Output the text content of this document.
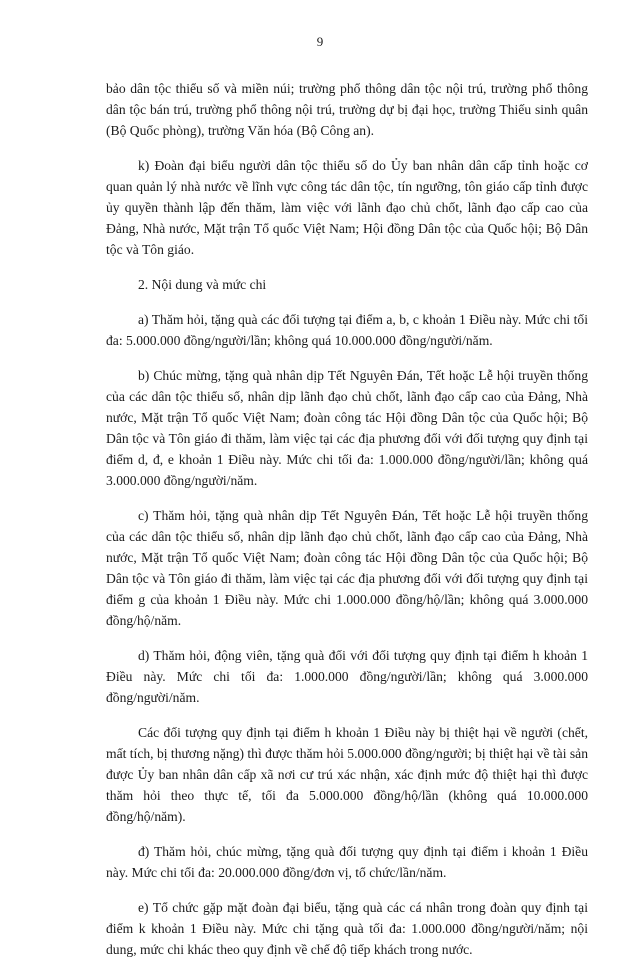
9

bảo dân tộc thiểu số và miền núi; trường phổ thông dân tộc nội trú, trường phổ thông dân tộc bán trú, trường phổ thông nội trú, trường dự bị đại học, trường Thiếu sinh quân (Bộ Quốc phòng), trường Văn hóa (Bộ Công an).

k) Đoàn đại biểu người dân tộc thiểu số do Ủy ban nhân dân cấp tỉnh hoặc cơ quan quản lý nhà nước về lĩnh vực công tác dân tộc, tín ngưỡng, tôn giáo cấp tỉnh được ủy quyền thành lập đến thăm, làm việc với lãnh đạo chủ chốt, lãnh đạo cấp cao của Đảng, Nhà nước, Mặt trận Tổ quốc Việt Nam; Hội đồng Dân tộc của Quốc hội; Bộ Dân tộc và Tôn giáo.

2. Nội dung và mức chi

a) Thăm hỏi, tặng quà các đối tượng tại điểm a, b, c khoản 1 Điều này. Mức chi tối đa: 5.000.000 đồng/người/lần; không quá 10.000.000 đồng/người/năm.

b) Chúc mừng, tặng quà nhân dịp Tết Nguyên Đán, Tết hoặc Lễ hội truyền thống của các dân tộc thiểu số, nhân dịp lãnh đạo chủ chốt, lãnh đạo cấp cao của Đảng, Nhà nước, Mặt trận Tổ quốc Việt Nam; đoàn công tác Hội đồng Dân tộc của Quốc hội; Bộ Dân tộc và Tôn giáo đi thăm, làm việc tại các địa phương đối với đối tượng quy định tại điểm d, đ, e khoản 1 Điều này. Mức chi tối đa: 1.000.000 đồng/người/lần; không quá 3.000.000 đồng/người/năm.

c) Thăm hỏi, tặng quà nhân dịp Tết Nguyên Đán, Tết hoặc Lễ hội truyền thống của các dân tộc thiểu số, nhân dịp lãnh đạo chủ chốt, lãnh đạo cấp cao của Đảng, Nhà nước, Mặt trận Tổ quốc Việt Nam; đoàn công tác Hội đồng Dân tộc của Quốc hội; Bộ Dân tộc và Tôn giáo đi thăm, làm việc tại các địa phương đối với đối tượng quy định tại điểm g của khoản 1 Điều này. Mức chi 1.000.000 đồng/hộ/lần; không quá 3.000.000 đồng/hộ/năm.

d) Thăm hỏi, động viên, tặng quà đối với đối tượng quy định tại điểm h khoản 1 Điều này. Mức chi tối đa: 1.000.000 đồng/người/lần; không quá 3.000.000 đồng/người/năm.

Các đối tượng quy định tại điểm h khoản 1 Điều này bị thiệt hại về người (chết, mất tích, bị thương nặng) thì được thăm hỏi 5.000.000 đồng/người; bị thiệt hại về tài sản được Ủy ban nhân dân cấp xã nơi cư trú xác nhận, xác định mức độ thiệt hại thì được thăm hỏi theo thực tế, tối đa 5.000.000 đồng/hộ/lần (không quá 10.000.000 đồng/hộ/năm).

đ) Thăm hỏi, chúc mừng, tặng quà đối tượng quy định tại điểm i khoản 1 Điều này. Mức chi tối đa: 20.000.000 đồng/đơn vị, tổ chức/lần/năm.

e) Tổ chức gặp mặt đoàn đại biểu, tặng quà các cá nhân trong đoàn quy định tại điểm k khoản 1 Điều này. Mức chi tặng quà tối đa: 1.000.000 đồng/người/năm; nội dung, mức chi khác theo quy định về chế độ tiếp khách trong nước.
